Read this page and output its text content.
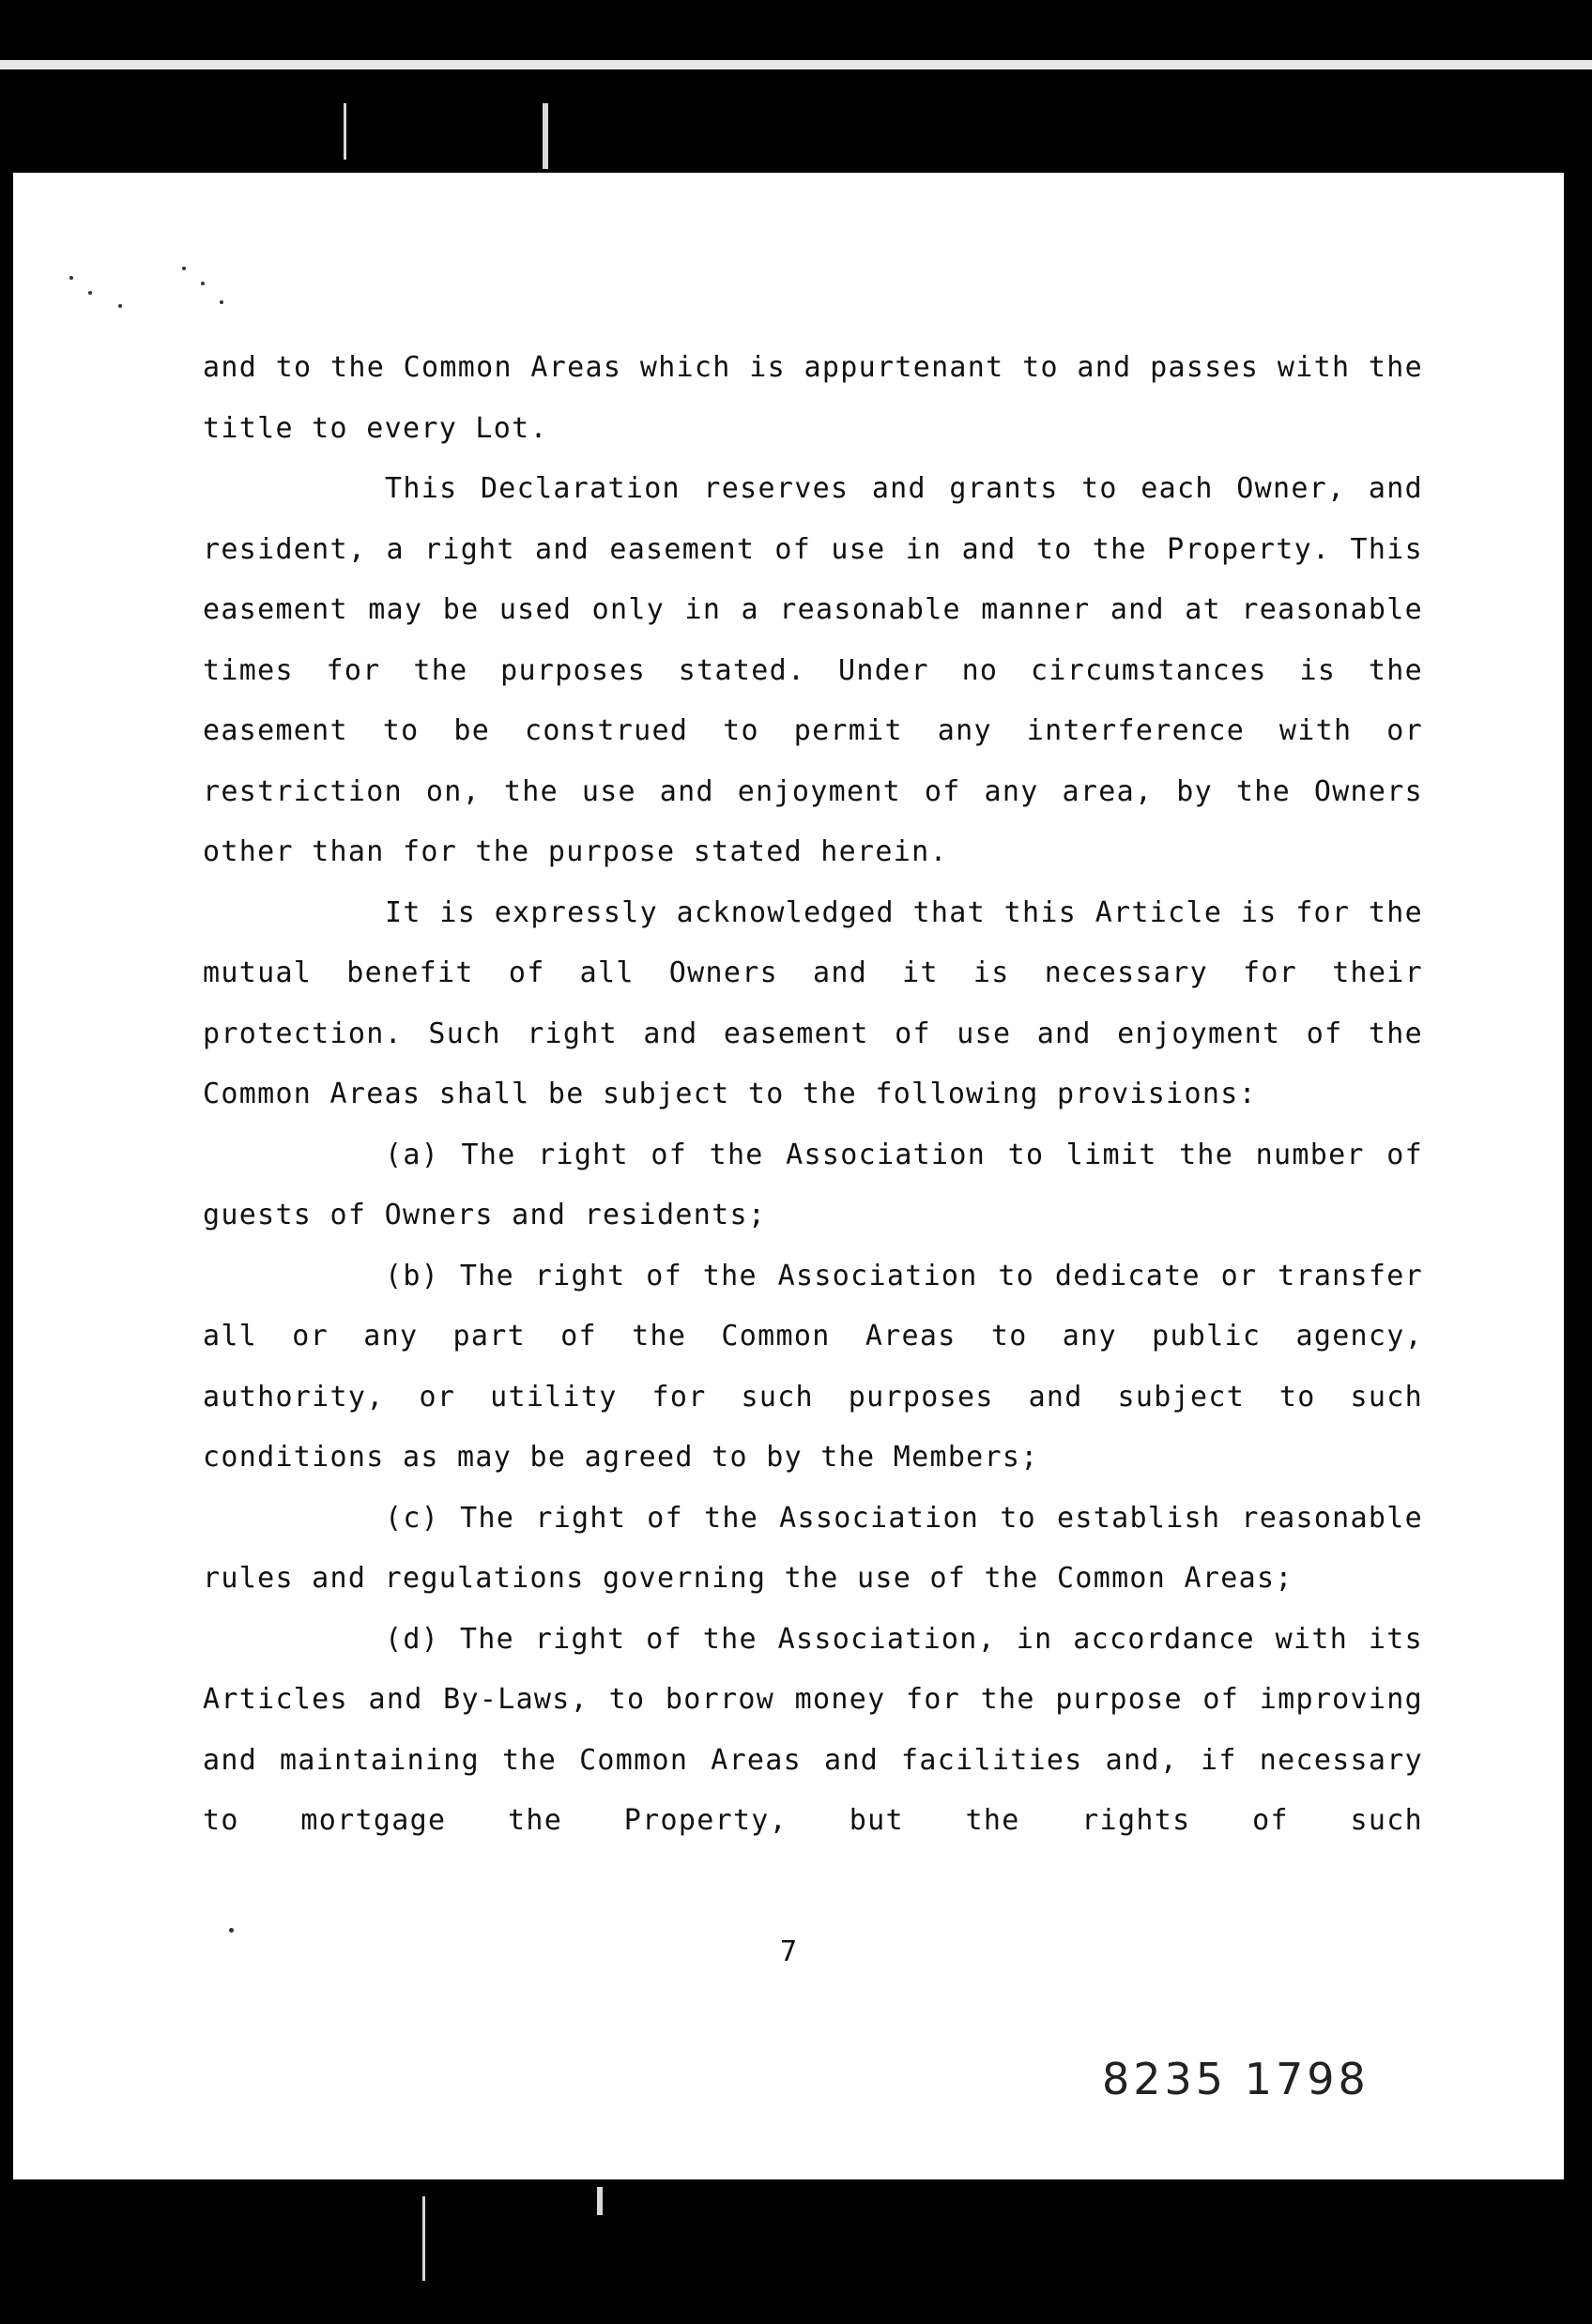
and to the Common Areas which is appurtenant to and passes with the title to every Lot.

This Declaration reserves and grants to each Owner, and resident, a right and easement of use in and to the Property. This easement may be used only in a reasonable manner and at reasonable times for the purposes stated. Under no circumstances is the easement to be construed to permit any interference with or restriction on, the use and enjoyment of any area, by the Owners other than for the purpose stated herein.

It is expressly acknowledged that this Article is for the mutual benefit of all Owners and it is necessary for their protection. Such right and easement of use and enjoyment of the Common Areas shall be subject to the following provisions:

(a) The right of the Association to limit the number of guests of Owners and residents;

(b) The right of the Association to dedicate or transfer all or any part of the Common Areas to any public agency, authority, or utility for such purposes and subject to such conditions as may be agreed to by the Members;

(c) The right of the Association to establish reasonable rules and regulations governing the use of the Common Areas;

(d) The right of the Association, in accordance with its Articles and By-Laws, to borrow money for the purpose of improving and maintaining the Common Areas and facilities and, if necessary to mortgage the Property, but the rights of such

7
8235 1798
